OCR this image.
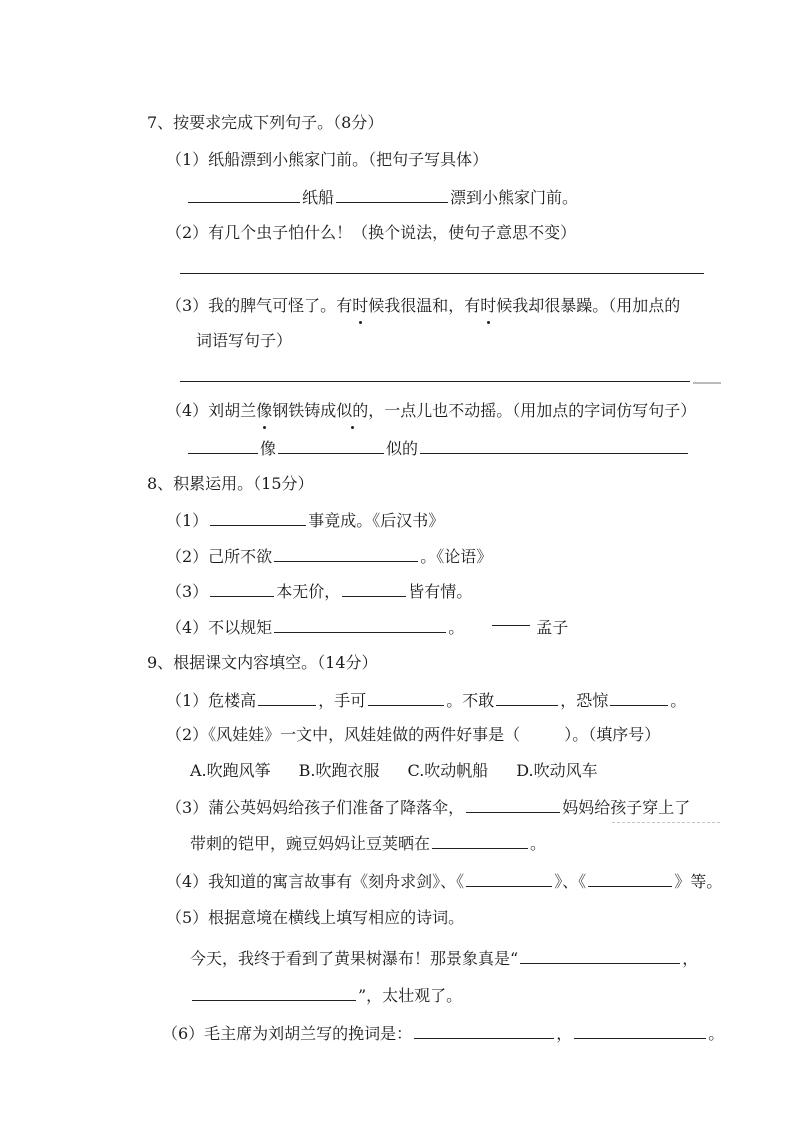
7、按要求完成下列句子。（8分）
（1）纸船漂到小熊家门前。（把句子写具体）
纸船	漂到小熊家门前。
（2）有几个虫子怕什么！（换个说法，使句子意思不变）
（3）我的脾气可怪了。有时候我很温和，有时候我却很暴躁。（用加点的
词语写句子）
（4）刘胡兰像钢铁铸成似的，一点儿也不动摇。（用加点的字词仿写句子）
像	似的
8、积累运用。（15分）
（1）	事竟成。《后汉书》
（2）己所不欲	。《论语》
（3）	本无价，	皆有情。
（4）不以规矩	。	孟子
9、根据课文内容填空。（14分）
（1）危楼高	，手可	。不敢	，恐惊	。
（2）《风娃娃》一文中，风娃娃做的两件好事是（	）。（填序号）
A.吹跑风筝 B.吹跑衣服 C.吹动帆船 D.吹动风车
（3）蒲公英妈妈给孩子们准备了降落伞，	妈妈给孩子穿上了
带刺的铠甲，豌豆妈妈让豆荚晒在	。
（4）我知道的寓言故事有《刻舟求剑》、《	》、《	》等。
（5）根据意境在横线上填写相应的诗词。
今天，我终于看到了黄果树瀑布！那景象真是“	，
”，太壮观了。
（6）毛主席为刘胡兰写的挽词是：	，	。
